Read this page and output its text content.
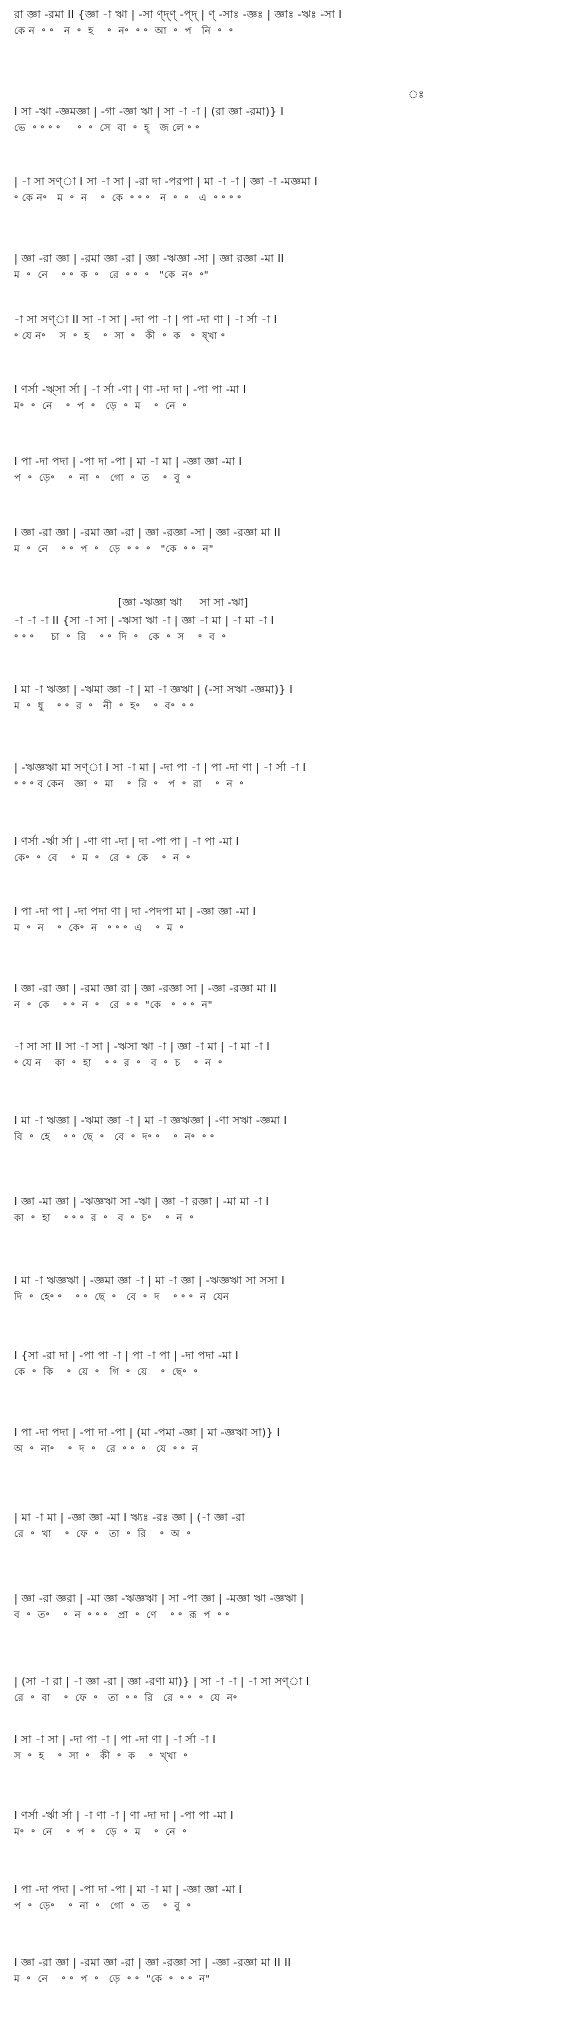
রা জ্ঞা -রমা II {জ্ঞা -া ঋা | -সা ণ্দ্‌ণ্ -প্দ্‌ | ণ্ -সাঃ -জ্ঞঃ | জ্ঞাঃ -ঋঃ -সা I

কে ন  ॰ ॰   ন  ॰  হ    ॰  ন॰  ॰ ॰  আ  ॰  প   নি  ॰  ॰

ঃ

I সা -ঋা -জ্ঞমজ্ঞা | -গা -জ্ঞা ঋা | সা -া -া | (রা জ্ঞা -রমা)} I

ভে  ॰ ॰ ॰ ॰     ॰  ॰  সে  বা  ॰  হ্‌   জ লে ॰ ॰

| -া সা সণ্‌া I সা -া সা | -রা দা -পরপা | মা -া -া | জ্ঞা -া -মজ্ঞমা I

॰ কে ন॰   ম  ॰  ন    ॰  কে  ॰ ॰ ॰   ন  ॰  ॰   এ  ॰ ॰ ॰ ॰

| জ্ঞা -রা জ্ঞা | -রমা জ্ঞা -রা | জ্ঞা -ঋজ্ঞা -সা | জ্ঞা রজ্ঞা -মা II

ম  ॰  নে    ॰ ॰  ক  ॰   রে  ॰ ॰  ॰   "কে  ন॰  ॰"

-া সা সণ্‌া II সা -া সা | -দা পা -া | পা -দা ণা | -া র্সা -া I

॰ যে ন॰    স  ॰  হ    ॰  সা  ॰   কী  ॰  ক   ॰  ষ্‌খা ॰

I ণর্সা -ঋ্সা র্সা | -া র্সা -ণা | ণা -দা দা | -পা পা -মা I

ম॰  ॰  নে    ॰  প  ॰   ড়ে  ॰  ম    ॰  নে  ॰

I পা -দা পদা | -পা দা -পা | মা -া মা | -জ্ঞা জ্ঞা -মা I

প  ॰  ড়ে॰    ॰  না  ॰   গো  ॰  ত    ॰  বু  ॰

I জ্ঞা -রা জ্ঞা | -রমা জ্ঞা -রা | জ্ঞা -রজ্ঞা -সা | জ্ঞা -রজ্ঞা মা II

ম  ॰  নে    ॰ ॰  প  ॰   ড়ে  ॰ ॰  ॰   "কে  ॰ ॰  ন"

[জ্ঞা -ঋজ্ঞা ঋা     সা সা -ঋা]

-া -া -া II {সা -া সা | -ঋসা ঋা -া | জ্ঞা -া মা | -া মা -া I

॰ ॰ ॰     চা  ॰  রি    ॰ ॰  দি  ॰   কে  ॰  স    ॰  ব  ॰

I মা -া ঋজ্ঞা | -ঋমা জ্ঞা -া | মা -া জ্ঞঋা | (-সা সঋা -জ্ঞমা)} I

ম  ॰  ধু    ॰ ॰  র  ॰   নী  ॰  হ॰    ॰  ব॰  ॰ ॰

| -ঋজ্ঞঋা মা সণ্‌া I সা -া মা | -দা পা -া | পা -দা ণা | -া র্সা -া I

॰ ॰ ॰ ব কেন   জ্ঞা  ॰  মা    ॰  রি  ॰   প  ॰  রা    ॰  ন  ॰

I ণর্সা -র্ঋা র্সা | -ণা ণা -দা | দা -পা পা | -া পা -মা I

কে॰  ॰  বে    ॰  ম  ॰   রে  ॰  কে    ॰  ন  ॰

I পা -দা পা | -দা পদা ণা | দা -পদপা মা | -জ্ঞা জ্ঞা -মা I

ম  ॰  ন    ॰  কে॰  ন   ॰ ॰ ॰  এ    ॰  ম  ॰

I জ্ঞা -রা জ্ঞা | -রমা জ্ঞা রা | জ্ঞা -রজ্ঞা সা | -জ্ঞা -রজ্ঞা মা II

ন  ॰  কে    ॰ ॰  ন  ॰   রে  ॰ ॰  "কে   ॰  ॰ ॰  ন"

-া সা সা II সা -া সা | -ঋসা ঋা -া | জ্ঞা -া মা | -া মা -া I

॰ যে ন    কা  ॰  হা    ॰ ॰  র  ॰   ব  ॰  চ    ॰  ন  ॰

I মা -া ঋজ্ঞা | -ঋমা জ্ঞা -া | মা -া জ্ঞঋজ্ঞা | -ণা সঋা -জ্ঞমা I

বি  ॰  হে    ॰ ॰  ছে  ॰   বে  ॰  দ॰ ॰    ॰  ন॰  ॰ ॰

I জ্ঞা -মা জ্ঞা | -ঋজ্ঞঋা সা -ঋা | জ্ঞা -া রজ্ঞা | -মা মা -া I

কা  ॰  হা    ॰ ॰ ॰  র  ॰   ব  ॰  চ॰    ॰  ন  ॰

I মা -া ঋজ্ঞঋা | -জ্ঞমা জ্ঞা -া | মা -া জ্ঞা | -ঋজ্ঞঋা সা সসা I

দি  ॰  হে॰ ॰    ॰ ॰  ছে  ॰   বে  ॰  দ    ॰ ॰ ॰  ন  যেন

I {সা -রা দা | -পা পা -া | পা -া পা | -দা পদা -মা I

কে  ॰  কি    ॰  য়ে  ॰   গি  ॰  য়ে    ॰  ছে॰  ॰

I পা -দা পদা | -পা দা -পা | (মা -পমা -জ্ঞা | মা -জ্ঞঋা সা)} I

অ  ॰  না॰    ॰  দ  ॰   রে  ॰ ॰  ॰   যে  ॰ ॰  ন

| মা -া মা | -জ্ঞা জ্ঞা -মা I ঋ্যঃ -রঃ জ্ঞা | (-া জ্ঞা -রা

রে  ॰  খা    ॰  ফে  ॰   তা  ॰  রি    ॰  অ  ॰

| জ্ঞা -রা জ্ঞরা | -মা জ্ঞা -ঋজ্ঞঋা | সা -পা জ্ঞা | -মজ্ঞা ঋা -জ্ঞঋা |

ব  ॰  ত॰    ॰  ন  ॰ ॰ ॰   প্রা  ॰  ণে    ॰ ॰  রূ  প  ॰ ॰

| (সা -া রা | -া জ্ঞা -রা | জ্ঞা -রণা মা)} | সা -া -া | -া সা সণ্‌া I

রে  ॰  বা    ॰  ফে  ॰   তা  ॰ ॰  রি   রে  ॰ ॰  ॰  যে  ন॰

I সা -া সা | -দা পা -া | পা -দা ণা | -া র্সা -া I

স  ॰  হ    ॰  সা  ॰   কী  ॰  ক    ॰  খ্‌খা  ॰

I ণর্সা -র্ঋা র্সা | -া ণা -া | ণা -দা দা | -পা পা -মা I

ম॰  ॰  নে    ॰  প  ॰   ড়ে  ॰  ম    ॰  নে  ॰

I পা -দা পদা | -পা দা -পা | মা -া মা | -জ্ঞা জ্ঞা -মা I

প  ॰  ড়ে॰    ॰  না  ॰   গো  ॰  ত    ॰  বু  ॰

I জ্ঞা -রা জ্ঞা | -রমা জ্ঞা -রা | জ্ঞা -রজ্ঞা সা | -জ্ঞা -রজ্ঞা মা II II

ম  ॰  নে    ॰ ॰  প  ॰   ড়ে  ॰ ॰  "কে  ॰  ॰ ॰  ন"
